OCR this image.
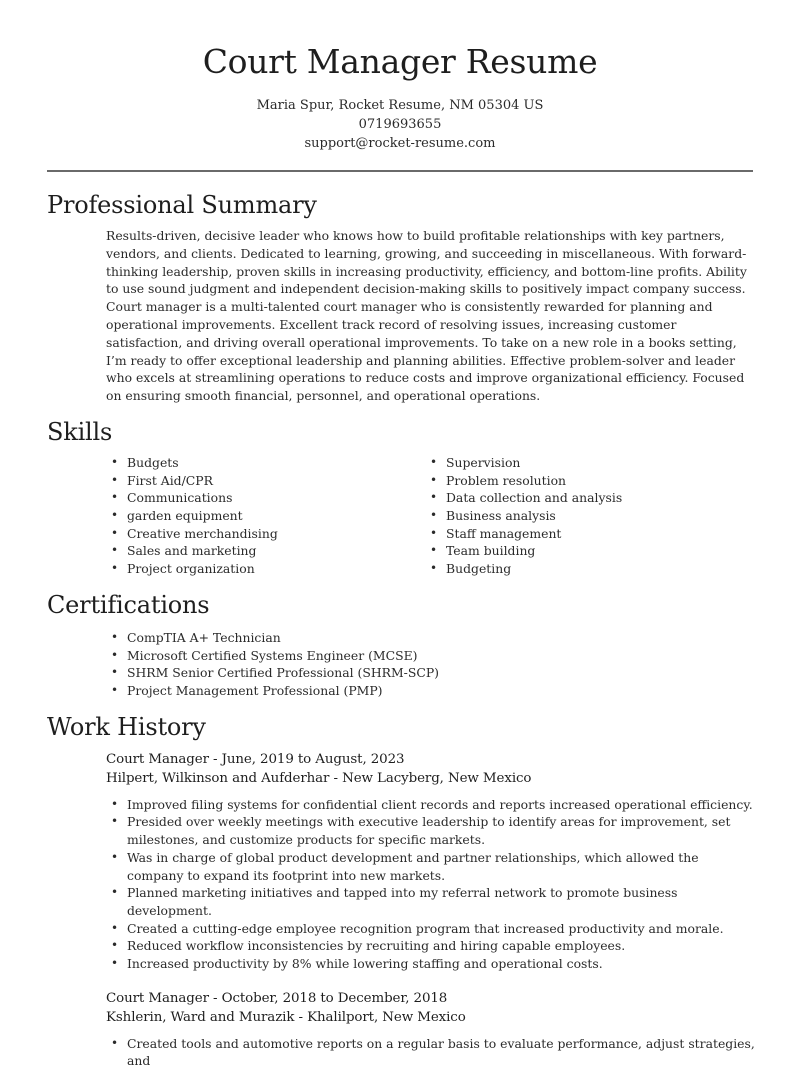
Court Manager Resume
Maria Spur, Rocket Resume, NM 05304 US
0719693655
support@rocket-resume.com
Professional Summary

Results-driven, decisive leader who knows how to build profitable relationships with key partners, vendors, and clients. Dedicated to learning, growing, and succeeding in miscellaneous. With forward-thinking leadership, proven skills in increasing productivity, efficiency, and bottom-line profits. Ability to use sound judgment and independent decision-making skills to positively impact company success. Court manager is a multi-talented court manager who is consistently rewarded for planning and operational improvements. Excellent track record of resolving issues, increasing customer satisfaction, and driving overall operational improvements. To take on a new role in a books setting, I’m ready to offer exceptional leadership and planning abilities. Effective problem-solver and leader who excels at streamlining operations to reduce costs and improve organizational efficiency. Focused on ensuring smooth financial, personnel, and operational operations.

Skills
• Budgets
• First Aid/CPR
• Communications
• garden equipment
• Creative merchandising
• Sales and marketing
• Project organization
• Supervision
• Problem resolution
• Data collection and analysis
• Business analysis
• Staff management
• Team building
• Budgeting
Certifications
• CompTIA A+ Technician
• Microsoft Certified Systems Engineer (MCSE)
• SHRM Senior Certified Professional (SHRM-SCP)
• Project Management Professional (PMP)
Work History
Court Manager - June, 2019 to August, 2023
Hilpert, Wilkinson and Aufderhar - New Lacyberg, New Mexico
• Improved filing systems for confidential client records and reports increased operational efficiency.
• Presided over weekly meetings with executive leadership to identify areas for improvement, set milestones, and customize products for specific markets.
• Was in charge of global product development and partner relationships, which allowed the company to expand its footprint into new markets.
• Planned marketing initiatives and tapped into my referral network to promote business development.
• Created a cutting-edge employee recognition program that increased productivity and morale.
• Reduced workflow inconsistencies by recruiting and hiring capable employees.
• Increased productivity by 8% while lowering staffing and operational costs.
Court Manager - October, 2018 to December, 2018
Kshlerin, Ward and Murazik - Khalilport, New Mexico
• Created tools and automotive reports on a regular basis to evaluate performance, adjust strategies, and
